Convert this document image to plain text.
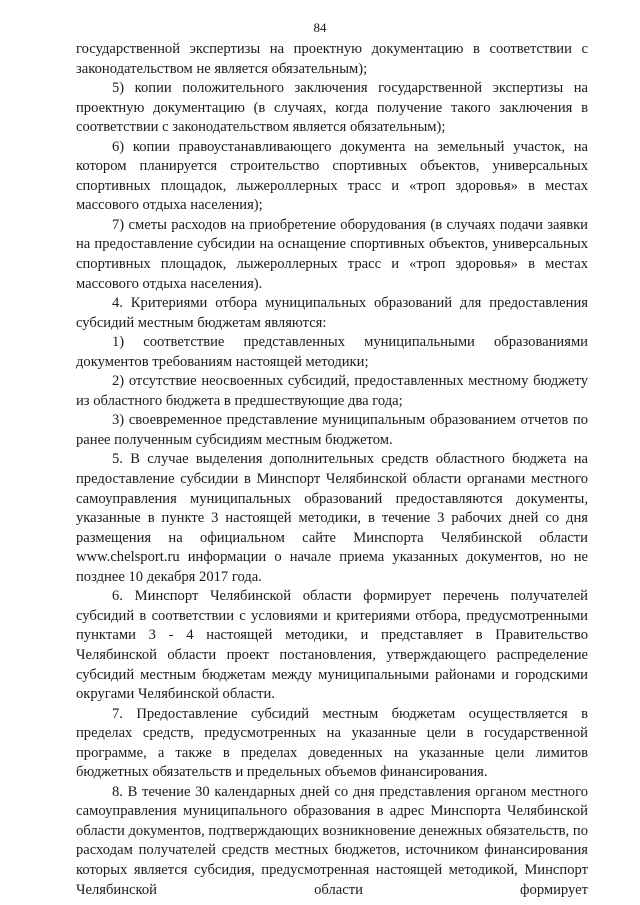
84

государственной экспертизы на проектную документацию в соответствии с законодательством не является обязательным);

5) копии положительного заключения государственной экспертизы на проектную документацию (в случаях, когда получение такого заключения в соответствии с законодательством является обязательным);

6) копии правоустанавливающего документа на земельный участок, на котором планируется строительство спортивных объектов, универсальных спортивных площадок, лыжероллерных трасс и «троп здоровья» в местах массового отдыха населения);

7) сметы расходов на приобретение оборудования (в случаях подачи заявки на предоставление субсидии на оснащение спортивных объектов, универсальных спортивных площадок, лыжероллерных трасс и «троп здоровья» в местах массового отдыха населения).

4. Критериями отбора муниципальных образований для предоставления субсидий местным бюджетам являются:

1) соответствие представленных муниципальными образованиями документов требованиям настоящей методики;

2) отсутствие неосвоенных субсидий, предоставленных местному бюджету из областного бюджета в предшествующие два года;

3) своевременное представление муниципальным образованием отчетов по ранее полученным субсидиям местным бюджетом.

5. В случае выделения дополнительных средств областного бюджета на предоставление субсидии в Минспорт Челябинской области органами местного самоуправления муниципальных образований предоставляются документы, указанные в пункте 3 настоящей методики, в течение 3 рабочих дней со дня размещения на официальном сайте Минспорта Челябинской области www.chelsport.ru информации о начале приема указанных документов, но не позднее 10 декабря 2017 года.

6. Минспорт Челябинской области формирует перечень получателей субсидий в соответствии с условиями и критериями отбора, предусмотренными пунктами 3 - 4 настоящей методики, и представляет в Правительство Челябинской области проект постановления, утверждающего распределение субсидий местным бюджетам между муниципальными районами и городскими округами Челябинской области.

7. Предоставление субсидий местным бюджетам осуществляется в пределах средств, предусмотренных на указанные цели в государственной программе, а также в пределах доведенных на указанные цели лимитов бюджетных обязательств и предельных объемов финансирования.

8. В течение 30 календарных дней со дня представления органом местного самоуправления муниципального образования в адрес Минспорта Челябинской области документов, подтверждающих возникновение денежных обязательств, по расходам получателей средств местных бюджетов, источником финансирования которых является субсидия, предусмотренная настоящей методикой, Минспорт Челябинской области формирует
